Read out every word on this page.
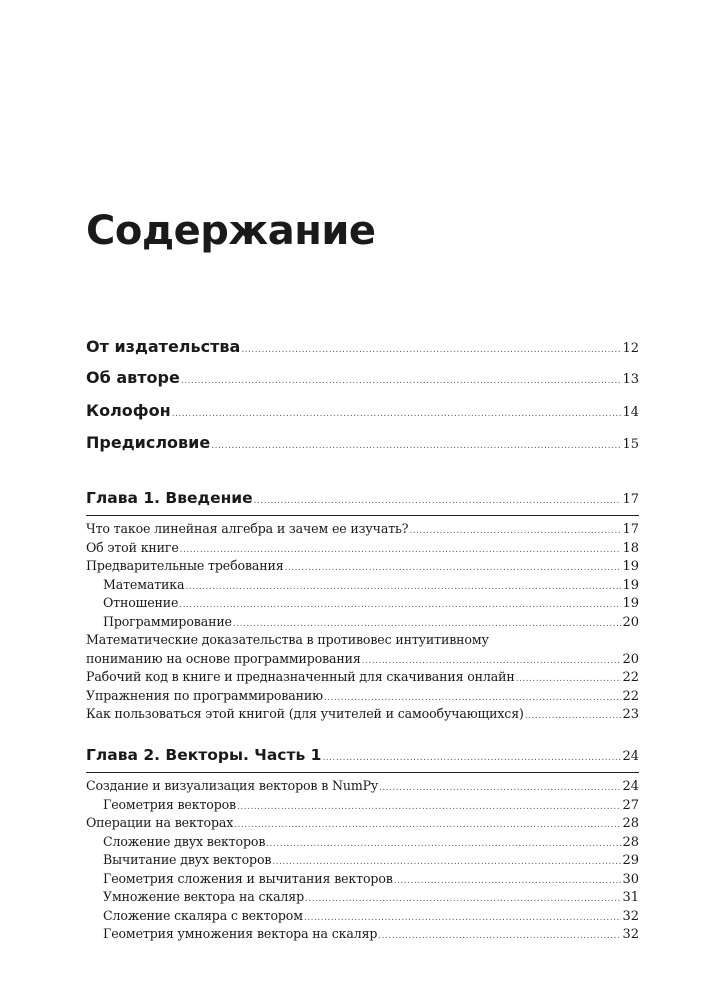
Содержание
От издательства .....	12
Об авторе .....	13
Колофон .....	14
Предисловие .....	15
Глава 1. Введение .....	17
Что такое линейная алгебра и зачем ее изучать? .....	17
Об этой книге .....	18
Предварительные требования .....	19
Математика .....	19
Отношение .....	19
Программирование .....	20
Математические доказательства в противовес интуитивному
пониманию на основе программирования .....	20
Рабочий код в книге и предназначенный для скачивания онлайн .....	22
Упражнения по программированию .....	22
Как пользоваться этой книгой (для учителей и самообучающихся) .....	23
Глава 2. Векторы. Часть 1 .....	24
Создание и визуализация векторов в NumPy .....	24
Геометрия векторов .....	27
Операции на векторах .....	28
Сложение двух векторов .....	28
Вычитание двух векторов .....	29
Геометрия сложения и вычитания векторов .....	30
Умножение вектора на скаляр .....	31
Сложение скаляра с вектором .....	32
Геометрия умножения вектора на скаляр .....	32
